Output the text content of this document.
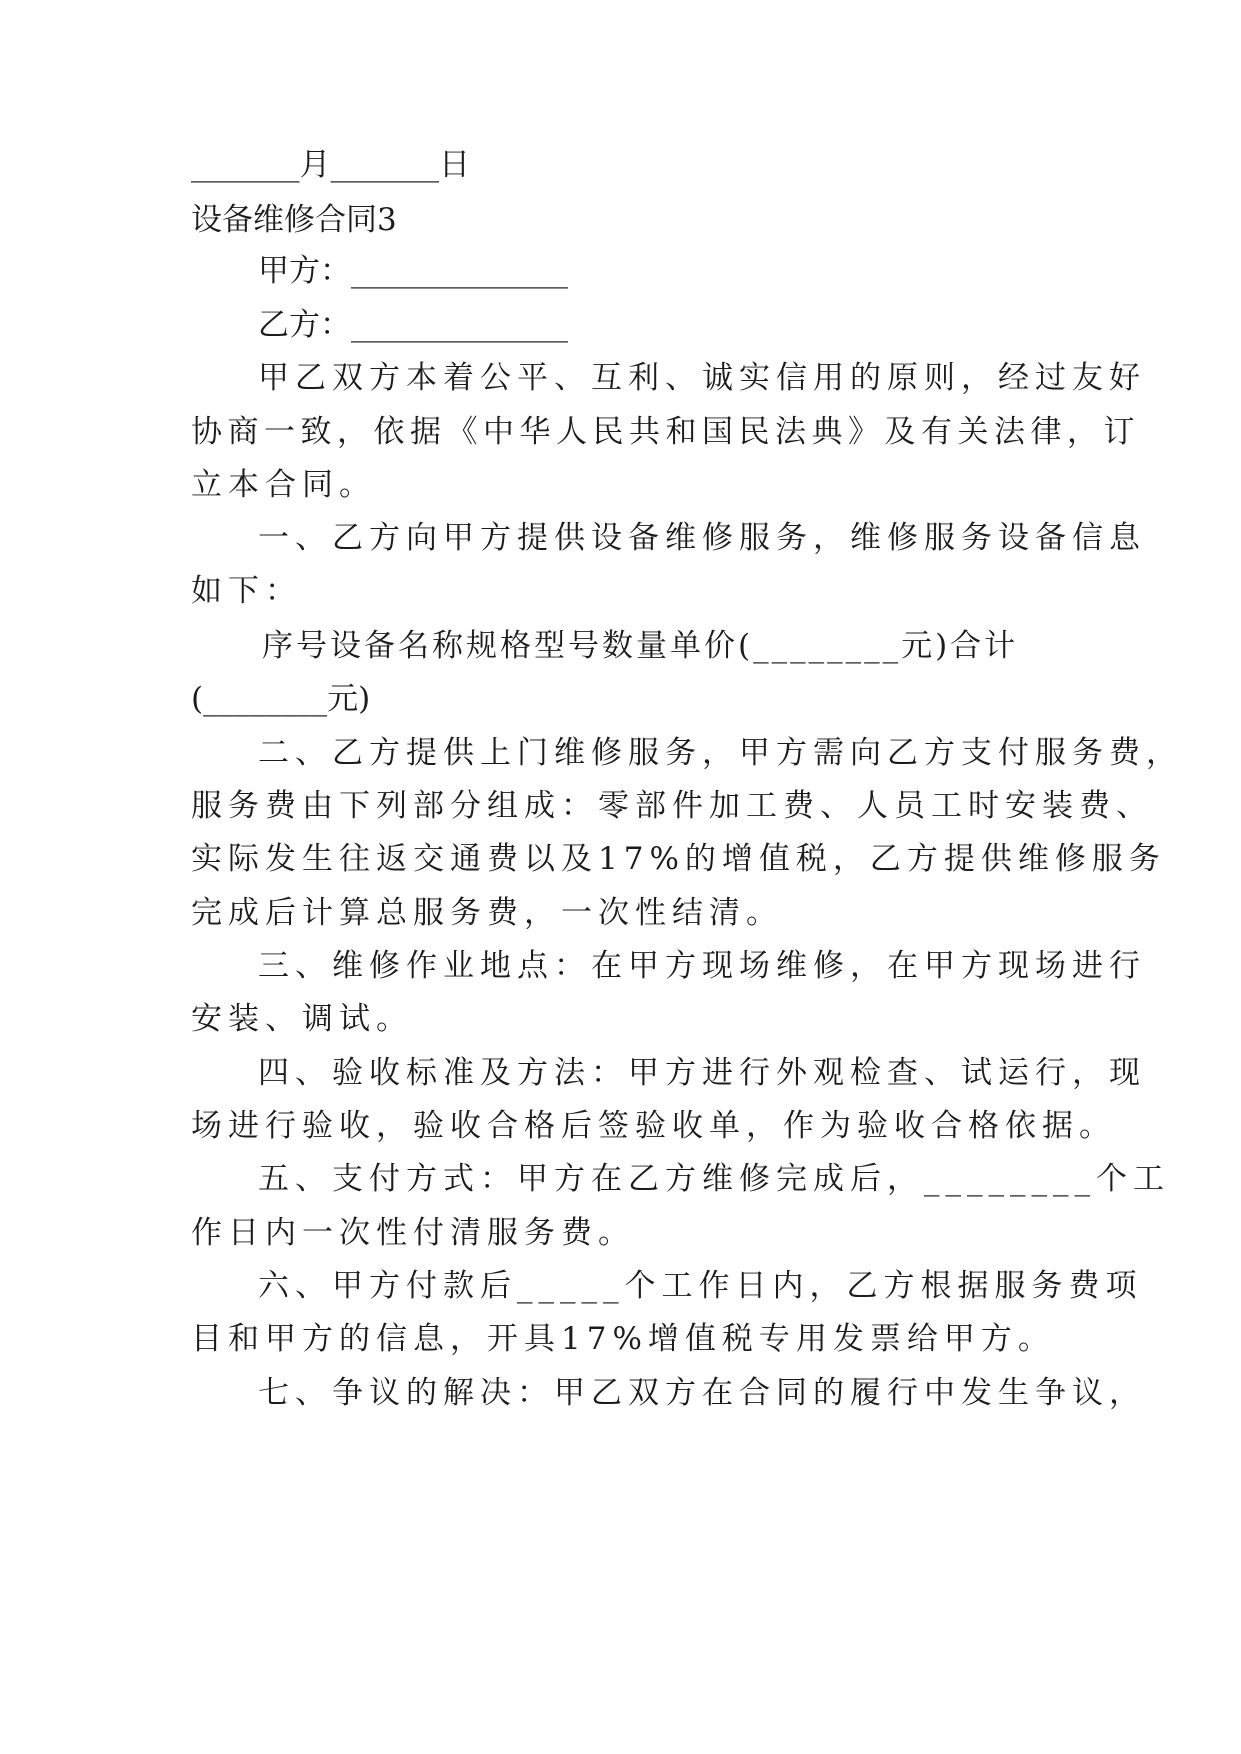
_______月_______日
设备维修合同3
甲方：______________
乙方：______________
甲乙双方本着公平、互利、诚实信用的原则，经过友好
协商一致，依据《中华人民共和国民法典》及有关法律，订
立本合同。
一、乙方向甲方提供设备维修服务，维修服务设备信息
如下：
序号设备名称规格型号数量单价(________元)合计
(________元)
二、乙方提供上门维修服务，甲方需向乙方支付服务费，
服务费由下列部分组成：零部件加工费、人员工时安装费、
实际发生往返交通费以及17%的增值税，乙方提供维修服务
完成后计算总服务费，一次性结清。
三、维修作业地点：在甲方现场维修，在甲方现场进行
安装、调试。
四、验收标准及方法：甲方进行外观检查、试运行，现
场进行验收，验收合格后签验收单，作为验收合格依据。
五、支付方式：甲方在乙方维修完成后，________个工
作日内一次性付清服务费。
六、甲方付款后_____个工作日内，乙方根据服务费项
目和甲方的信息，开具17%增值税专用发票给甲方。
七、争议的解决：甲乙双方在合同的履行中发生争议，
